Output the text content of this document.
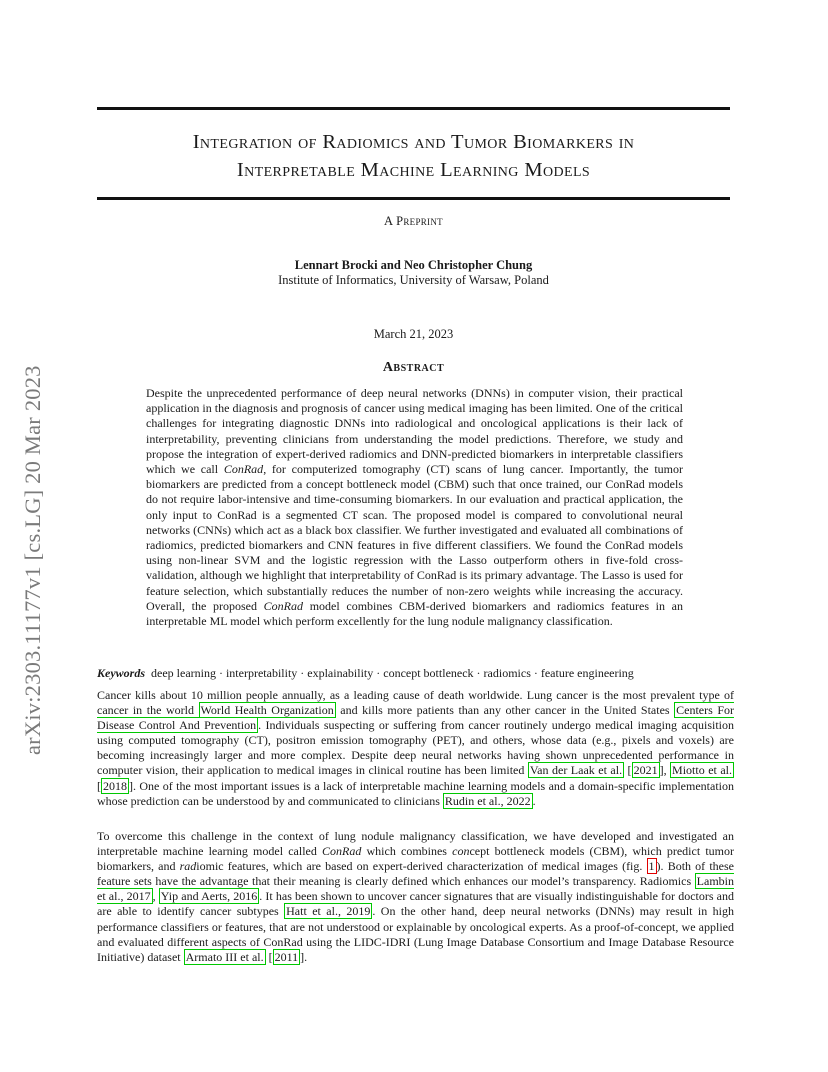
arXiv:2303.11177v1 [cs.LG] 20 Mar 2023
Integration of Radiomics and Tumor Biomarkers in
Interpretable Machine Learning Models
A Preprint
Lennart Brocki and Neo Christopher Chung
Institute of Informatics, University of Warsaw, Poland
March 21, 2023
Abstract
Despite the unprecedented performance of deep neural networks (DNNs) in computer vision, their practical application in the diagnosis and prognosis of cancer using medical imaging has been limited. One of the critical challenges for integrating diagnostic DNNs into radiological and oncological applications is their lack of interpretability, preventing clinicians from understanding the model predictions. Therefore, we study and propose the integration of expert-derived radiomics and DNN-predicted biomarkers in interpretable classifiers which we call ConRad, for computerized tomography (CT) scans of lung cancer. Importantly, the tumor biomarkers are predicted from a concept bottleneck model (CBM) such that once trained, our ConRad models do not require labor-intensive and time-consuming biomarkers. In our evaluation and practical application, the only input to ConRad is a segmented CT scan. The proposed model is compared to convolutional neural networks (CNNs) which act as a black box classifier. We further investigated and evaluated all combinations of radiomics, predicted biomarkers and CNN features in five different classifiers. We found the ConRad models using non-linear SVM and the logistic regression with the Lasso outperform others in five-fold cross-validation, although we highlight that interpretability of ConRad is its primary advantage. The Lasso is used for feature selection, which substantially reduces the number of non-zero weights while increasing the accuracy. Overall, the proposed ConRad model combines CBM-derived biomarkers and radiomics features in an interpretable ML model which perform excellently for the lung nodule malignancy classification.
Keywords deep learning · interpretability · explainability · concept bottleneck · radiomics · feature engineering
Cancer kills about 10 million people annually, as a leading cause of death worldwide. Lung cancer is the most prevalent type of cancer in the world World Health Organization and kills more patients than any other cancer in the United States Centers For Disease Control And Prevention . Individuals suspecting or suffering from cancer routinely undergo medical imaging acquisition using computed tomography (CT), positron emission tomography (PET), and others, whose data (e.g., pixels and voxels) are becoming increasingly larger and more complex. Despite deep neural networks having shown unprecedented performance in computer vision, their application to medical images in clinical routine has been limited Van der Laak et al. [ 2021 ], Miotto et al. [ 2018 ]. One of the most important issues is a lack of interpretable machine learning models and a domain-specific implementation whose prediction can be understood by and communicated to clinicians Rudin et al., 2022 .
To overcome this challenge in the context of lung nodule malignancy classification, we have developed and investigated an interpretable machine learning model called ConRad which combines concept bottleneck models (CBM), which predict tumor biomarkers, and radiomic features, which are based on expert-derived characterization of medical images (fig. 1 ). Both of these feature sets have the advantage that their meaning is clearly defined which enhances our model’s transparency. Radiomics Lambin et al., 2017 , Yip and Aerts, 2016 . It has been shown to uncover cancer signatures that are visually indistinguishable for doctors and are able to identify cancer subtypes Hatt et al., 2019 . On the other hand, deep neural networks (DNNs) may result in high performance classifiers or features, that are not understood or explainable by oncological experts. As a proof-of-concept, we applied and evaluated different aspects of ConRad using the LIDC-IDRI (Lung Image Database Consortium and Image Database Resource Initiative) dataset Armato III et al. [ 2011 ].
